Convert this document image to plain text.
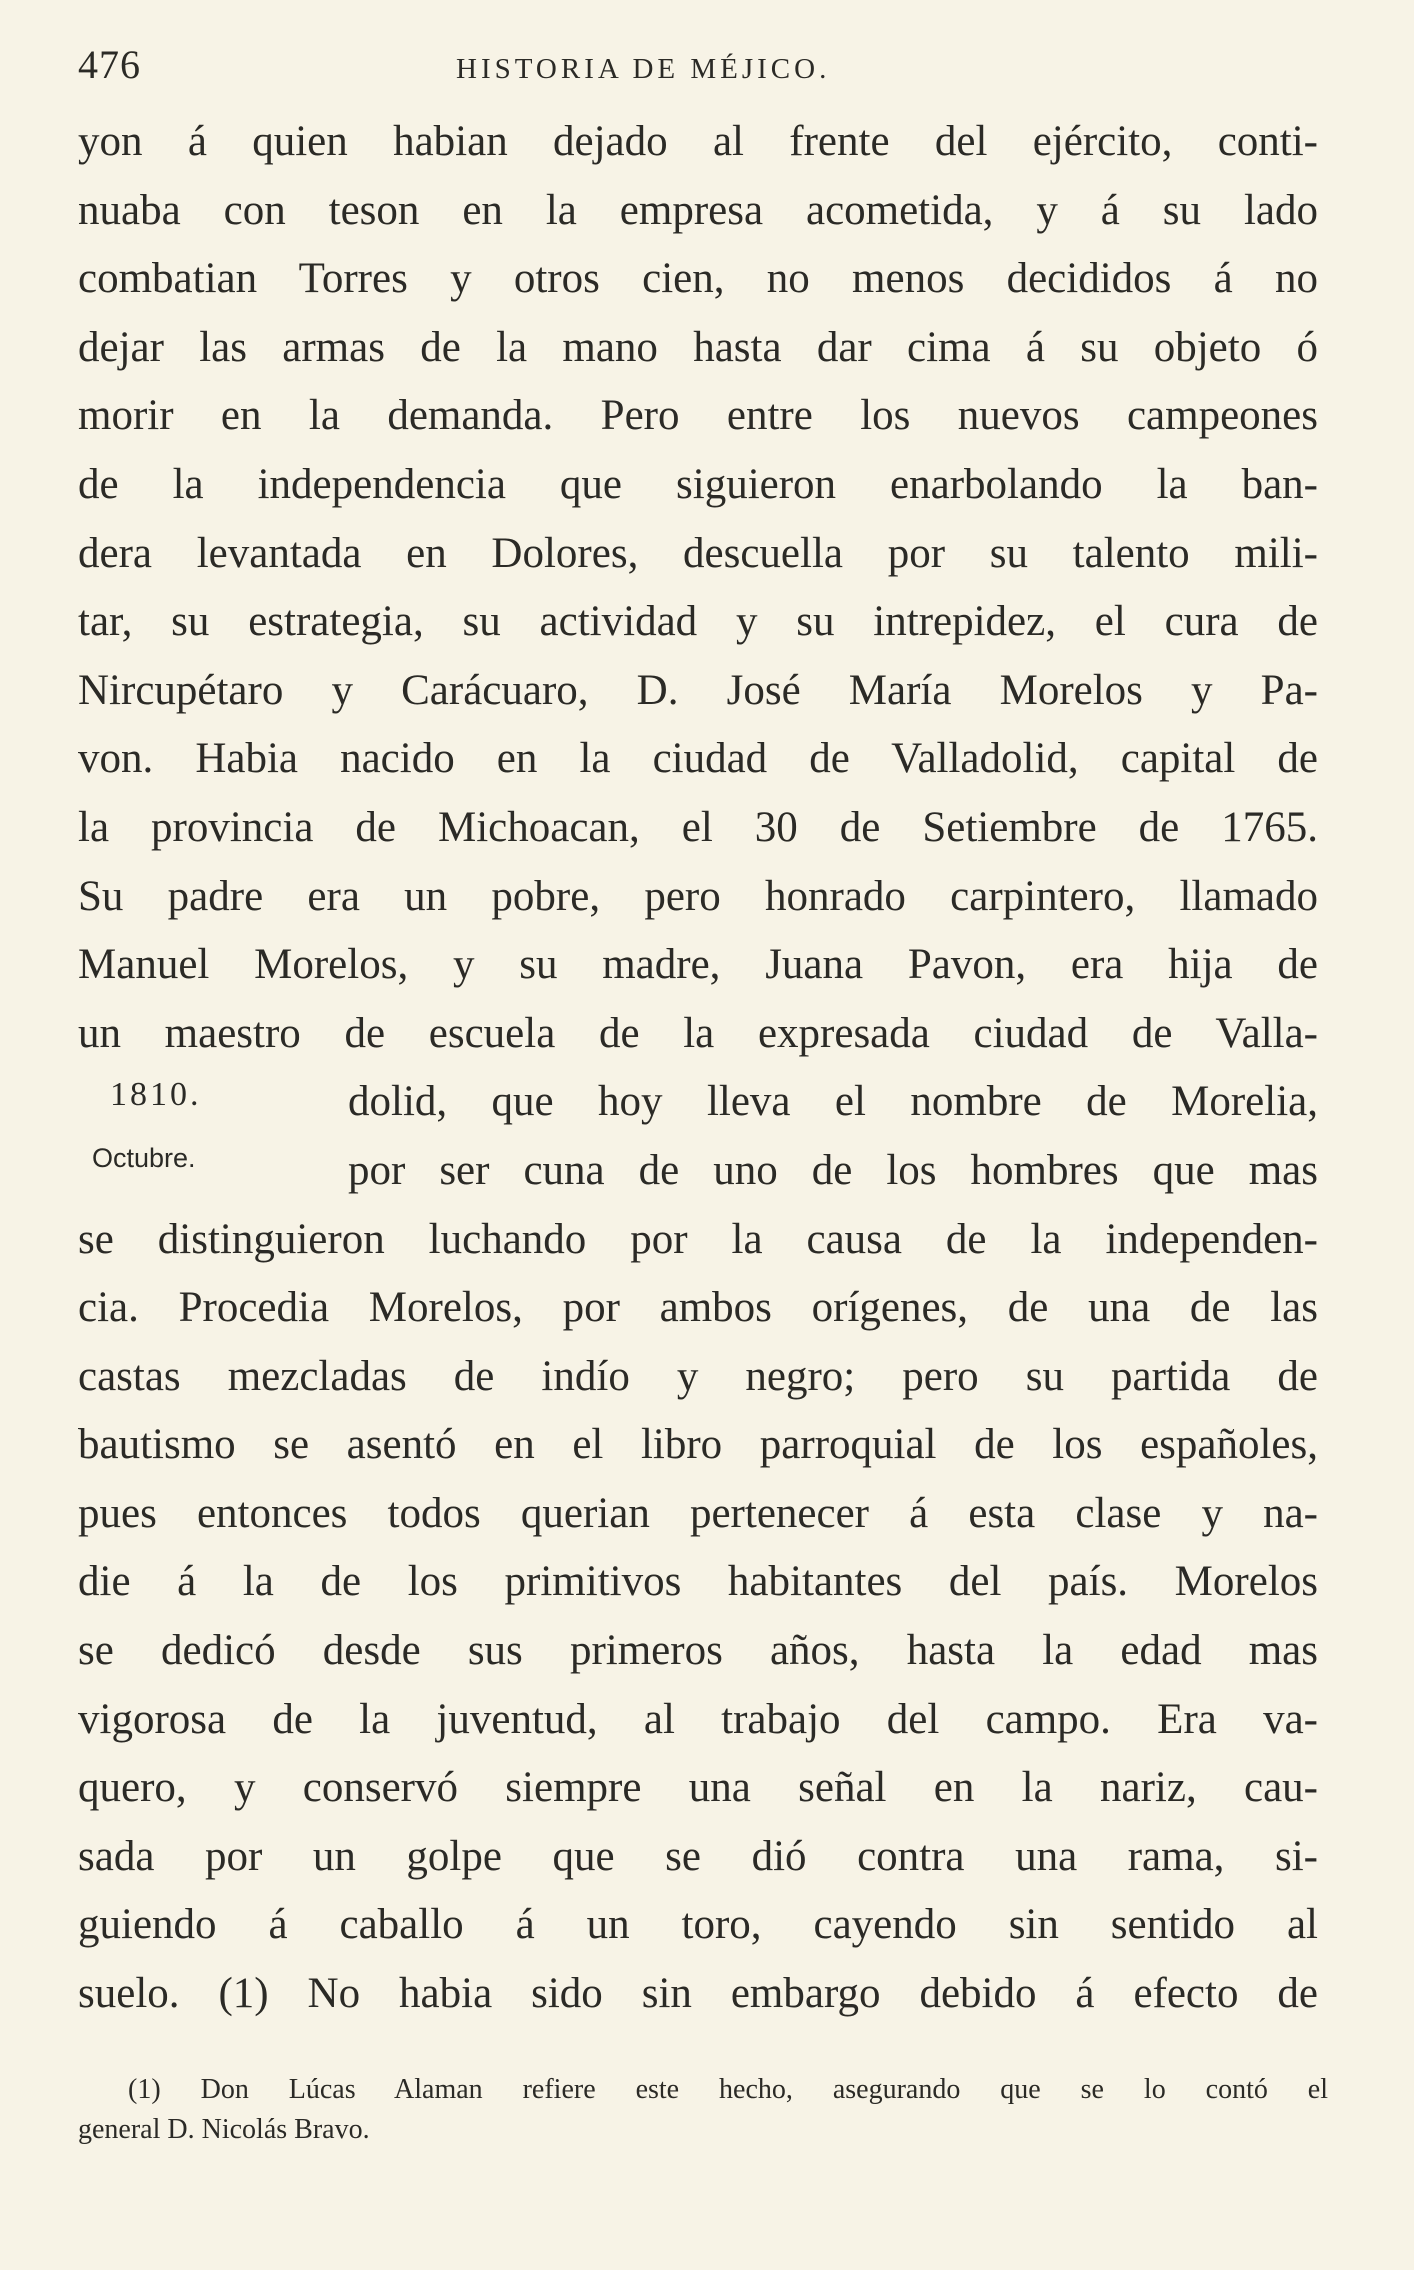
476	HISTORIA DE MÉJICO.
yon á quien habian dejado al frente del ejército, conti-
nuaba con teson en la empresa acometida, y á su lado
combatian Torres y otros cien, no menos decididos á no
dejar las armas de la mano hasta dar cima á su objeto ó
morir en la demanda. Pero entre los nuevos campeones
de la independencia que siguieron enarbolando la ban-
dera levantada en Dolores, descuella por su talento mili-
tar, su estrategia, su actividad y su intrepidez, el cura de
Nircupétaro y Carácuaro, D. José María Morelos y Pa-
von. Habia nacido en la ciudad de Valladolid, capital de
la provincia de Michoacan, el 30 de Setiembre de 1765.
Su padre era un pobre, pero honrado carpintero, llamado
Manuel Morelos, y su madre, Juana Pavon, era hija de
un maestro de escuela de la expresada ciudad de Valla-
dolid, que hoy lleva el nombre de Morelia,
por ser cuna de uno de los hombres que mas
se distinguieron luchando por la causa de la independen-
cia. Procedia Morelos, por ambos orígenes, de una de las
castas mezcladas de indío y negro; pero su partida de
bautismo se asentó en el libro parroquial de los españoles,
pues entonces todos querian pertenecer á esta clase y na-
die á la de los primitivos habitantes del país. Morelos
se dedicó desde sus primeros años, hasta la edad mas
vigorosa de la juventud, al trabajo del campo. Era va-
quero, y conservó siempre una señal en la nariz, cau-
sada por un golpe que se dió contra una rama, si-
guiendo á caballo á un toro, cayendo sin sentido al
suelo. (1) No habia sido sin embargo debido á efecto de
1810.
Octubre.
(1) Don Lúcas Alaman refiere este hecho, asegurando que se lo contó el
general D. Nicolás Bravo.
